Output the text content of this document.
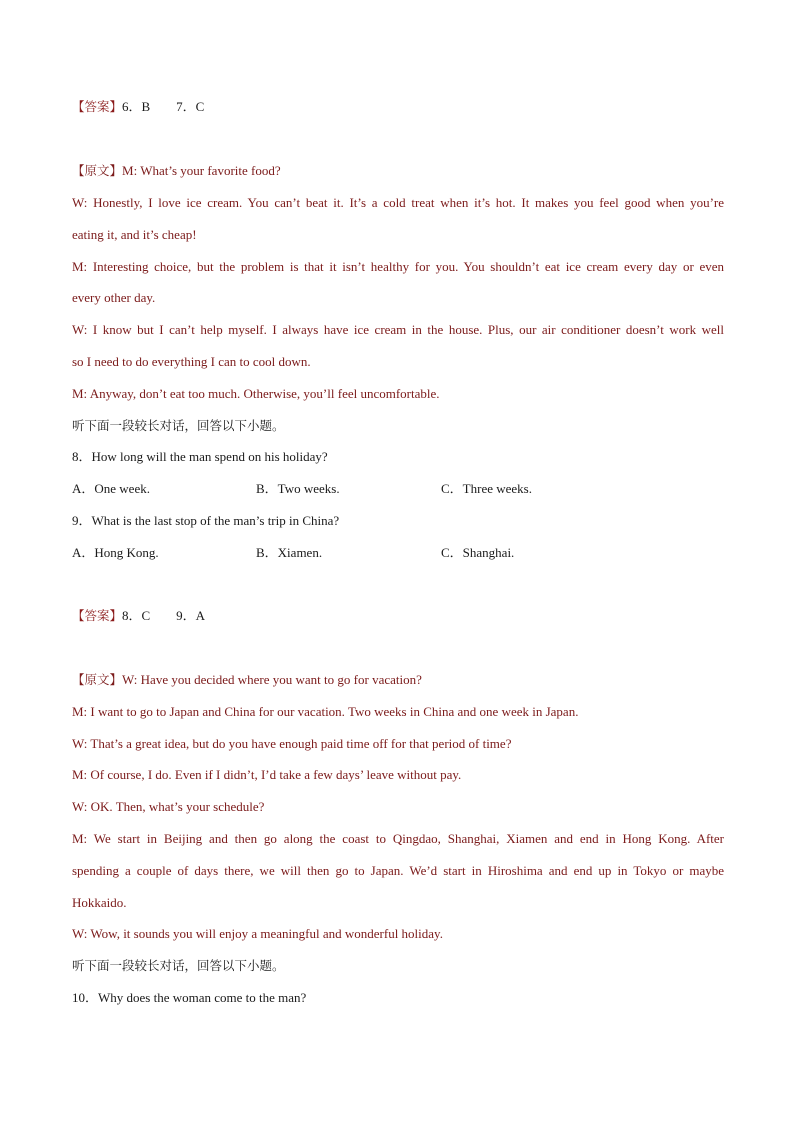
【答案】6．B　　7．C
【原文】M: What’s your favorite food?
W: Honestly, I love ice cream. You can’t beat it. It’s a cold treat when it’s hot. It makes you feel good when you’re
eating it, and it’s cheap!
M: Interesting choice, but the problem is that it isn’t healthy for you. You shouldn’t eat ice cream every day or even
every other day.
W: I know but I can’t help myself. I always have ice cream in the house. Plus, our air conditioner doesn’t work well
so I need to do everything I can to cool down.
M: Anyway, don’t eat too much. Otherwise, you’ll feel uncomfortable.
听下面一段较长对话，回答以下小题。
8．How long will the man spend on his holiday?
A．One week.	B．Two weeks.	C．Three weeks.
9．What is the last stop of the man’s trip in China?
A．Hong Kong.	B．Xiamen.	C．Shanghai.
【答案】8．C　　9．A
【原文】W: Have you decided where you want to go for vacation?
M: I want to go to Japan and China for our vacation. Two weeks in China and one week in Japan.
W: That’s a great idea, but do you have enough paid time off for that period of time?
M: Of course, I do. Even if I didn’t, I’d take a few days’ leave without pay.
W: OK. Then, what’s your schedule?
M: We start in Beijing and then go along the coast to Qingdao, Shanghai, Xiamen and end in Hong Kong. After
spending a couple of days there, we will then go to Japan. We’d start in Hiroshima and end up in Tokyo or maybe
Hokkaido.
W: Wow, it sounds you will enjoy a meaningful and wonderful holiday.
听下面一段较长对话，回答以下小题。
10．Why does the woman come to the man?
